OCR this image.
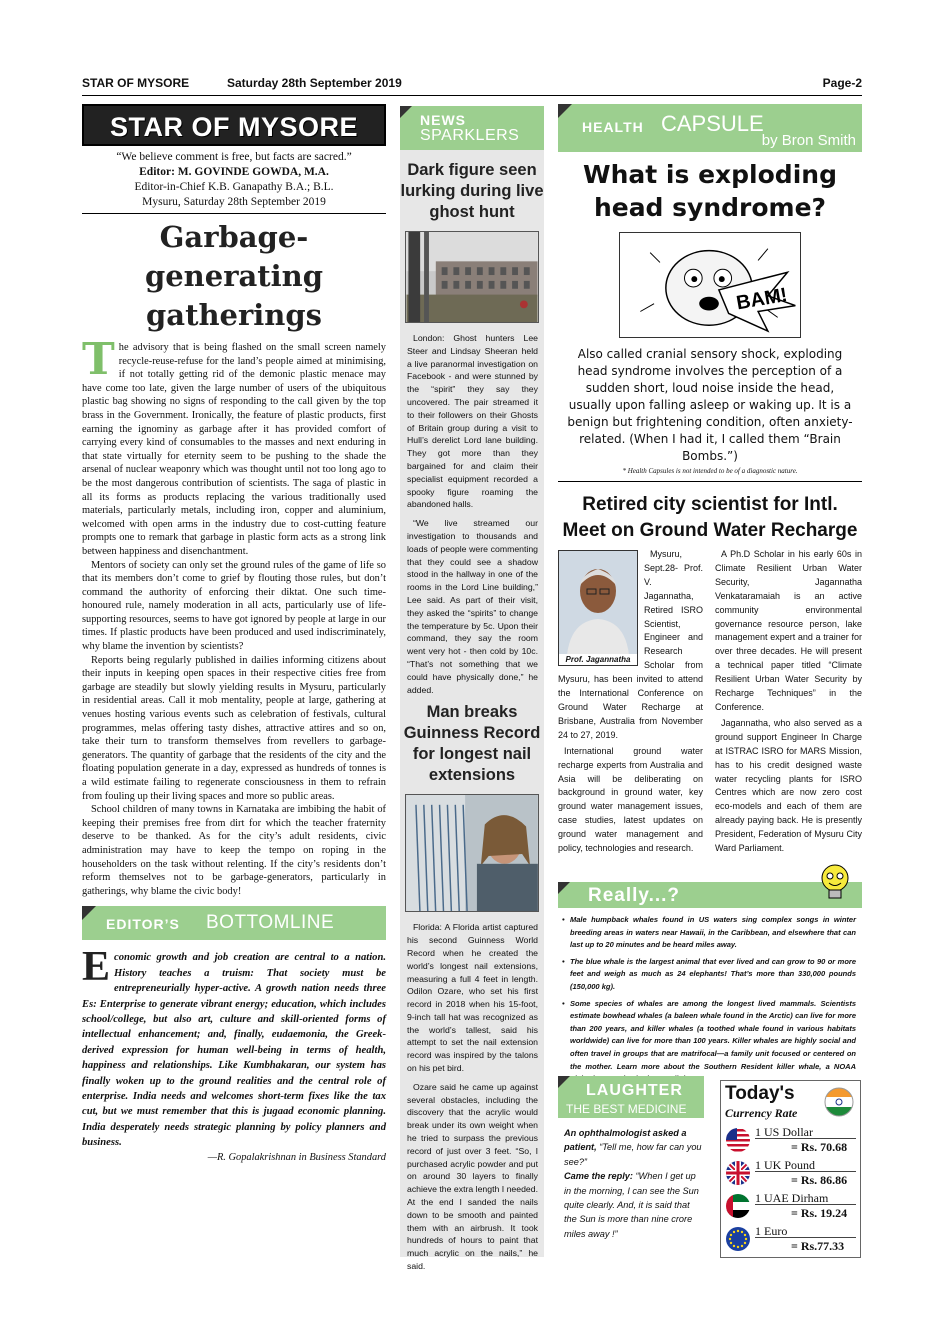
STAR OF MYSORE	Saturday 28th September 2019	Page-2
STAR OF MYSORE
“We believe comment is free, but facts are sacred.”
Editor: M. GOVINDE GOWDA, M.A.
Editor-in-Chief K.B. Ganapathy B.A.; B.L.
Mysuru, Saturday 28th September 2019
Garbage-generating
gatherings

The advisory that is being flashed on the small screen namely recycle-reuse-refuse for the land’s people aimed at minimising, if not totally getting rid of the demonic plastic menace may have come too late, given the large number of users of the ubiquitous plastic bag showing no signs of responding to the call given by the top brass in the Government. Ironically, the feature of plastic products, first earning the ignominy as garbage after it has provided comfort of carrying every kind of consumables to the masses and next enduring in that state virtually for eternity seem to be pushing to the shade the arsenal of nuclear weaponry which was thought until not too long ago to be the most dangerous contribution of scientists. The saga of plastic in all its forms as products replacing the various traditionally used materials, particularly metals, including iron, copper and aluminium, welcomed with open arms in the industry due to cost-cutting feature prompts one to remark that garbage in plastic form acts as a strong link between happiness and disenchantment.

Mentors of society can only set the ground rules of the game of life so that its members don’t come to grief by flouting those rules, but don’t command the authority of enforcing their diktat. One such time-honoured rule, namely moderation in all acts, particularly use of life-supporting resources, seems to have got ignored by people at large in our times. If plastic products have been produced and used indiscriminately, why blame the invention by scientists?

Reports being regularly published in dailies informing citizens about their inputs in keeping open spaces in their respective cities free from garbage are steadily but slowly yielding results in Mysuru, particularly in residential areas. Call it mob mentality, people at large, gathering at venues hosting various events such as celebration of festivals, cultural programmes, melas offering tasty dishes, attractive attires and so on, take their turn to transform themselves from revellers to garbage-generators. The quantity of garbage that the residents of the city and the floating population generate in a day, expressed as hundreds of tonnes is a wild estimate failing to regenerate consciousness in them to refrain from fouling up their living spaces and more so public areas.

School children of many towns in Karnataka are imbibing the habit of keeping their premises free from dirt for which the teacher fraternity deserve to be thanked. As for the city’s adult residents, civic administration may have to keep the tempo on roping in the householders on the task without relenting. If the city’s residents don’t reform themselves not to be garbage-generators, particularly in gatherings, why blame the civic body!

EDITOR’S BOTTOMLINE
Economic growth and job creation are central to a nation. History teaches a truism: That society must be entrepreneurially hyper-active. A growth nation needs three Es: Enterprise to generate vibrant energy; education, which includes school/college, but also art, culture and skill-oriented forms of intellectual enhancement; and, finally, eudaemonia, the Greek-derived expression for human well-being in terms of health, happiness and relationships. Like Kumbhakaran, our system has finally woken up to the ground realities and the central role of enterprise. India needs and welcomes short-term fixes like the tax cut, but we must remember that this is jugaad economic planning. India desperately needs strategic planning by policy planners and business.
—R. Gopalakrishnan in Business Standard
NEWS
SPARKLERS
Dark figure seen lurking during live ghost hunt

London: Ghost hunters Lee Steer and Lindsay Sheeran held a live paranormal investigation on Facebook - and were stunned by the “spirit” they say they uncovered. The pair streamed it to their followers on their Ghosts of Britain group during a visit to Hull’s derelict Lord lane building. They got more than they bargained for and claim their specialist equipment recorded a spooky figure roaming the abandoned halls.

“We live streamed our investigation to thousands and loads of people were commenting that they could see a shadow stood in the hallway in one of the rooms in the Lord Line building,” Lee said. As part of their visit, they asked the “spirits” to change the temperature by 5c. Upon their command, they say the room went very hot - then cold by 10c. “That’s not something that we could have physically done,” he added.

Man breaks Guinness Record for longest nail extensions

Florida: A Florida artist captured his second Guinness World Record when he created the world’s longest nail extensions, measuring a full 4 feet in length. Odilon Ozare, who set his first record in 2018 when his 15-foot, 9-inch tall hat was recognized as the world’s tallest, said his attempt to set the nail extension record was inspired by the talons on his pet bird.

Ozare said he came up against several obstacles, including the discovery that the acrylic would break under its own weight when he tried to surpass the previous record of just over 3 feet. “So, I purchased acrylic powder and put on around 30 layers to finally achieve the extra length I needed. At the end I sanded the nails down to be smooth and painted them with an airbrush. It took hundreds of hours to paint that much acrylic on the nails,” he said.

HEALTH CAPSULE
by Bron Smith
What is exploding head syndrome?
BAM!
Also called cranial sensory shock, exploding head syndrome involves the perception of a sudden short, loud noise inside the head, usually upon falling asleep or waking up. It is a benign but frightening condition, often anxiety-related. (When I had it, I called them “Brain Bombs.”)
* Health Capsules is not intended to be of a diagnostic nature.
Retired city scientist for Intl. Meet on Ground Water Recharge
Prof. Jagannatha

Mysuru, Sept.28- Prof. V. Jagannatha, Retired ISRO Scientist, Engineer and Research Scholar from Mysuru, has been invited to attend the International Conference on Ground Water Recharge at Brisbane, Australia from November 24 to 27, 2019.

International ground water recharge experts from Australia and Asia will be deliberating on background in ground water, key ground water management issues, case studies, latest updates on ground water management and policy, technologies and research.

A Ph.D Scholar in his early 60s in Climate Resilient Urban Water Security, Jagannatha Venkataramaiah is an active community environmental governance resource person, lake management expert and a trainer for over three decades. He will present a technical paper titled “Climate Resilient Urban Water Security by Recharge Techniques” in the Conference.

Jagannatha, who also served as a ground support Engineer In Charge at ISTRAC ISRO for MARS Mission, has to his credit designed waste water recycling plants for ISRO Centres which are now zero cost eco-models and each of them are already paying back. He is presently President, Federation of Mysuru City Ward Parliament.

Really...?
• Male humpback whales found in US waters sing complex songs in winter breeding areas in waters near Hawaii, in the Caribbean, and elsewhere that can last up to 20 minutes and be heard miles away.
• The blue whale is the largest animal that ever lived and can grow to 90 or more feet and weigh as much as 24 elephants! That’s more than 330,000 pounds (150,000 kg).
• Some species of whales are among the longest lived mammals. Scientists estimate bowhead whales (a baleen whale found in the Arctic) can live for more than 200 years, and killer whales (a toothed whale found in various habitats worldwide) can live for more than 100 years. Killer whales are highly social and often travel in groups that are matrifocal—a family unit focused or centered on the mother. Learn more about the Southern Resident killer whale, a NOAA
LAUGHTER
THE BEST MEDICINE
An ophthalmologist asked a patient, “Tell me, how far can you see?”
Came the reply: “When I get up in the morning, I can see the Sun quite clearly. And, it is said that the Sun is more than nine crore miles away !”
Today's
Currency Rate
1 US Dollar
= Rs. 70.68
1 UK Pound
= Rs. 86.86
1 UAE Dirham
= Rs. 19.24
1 Euro
= Rs.77.33
